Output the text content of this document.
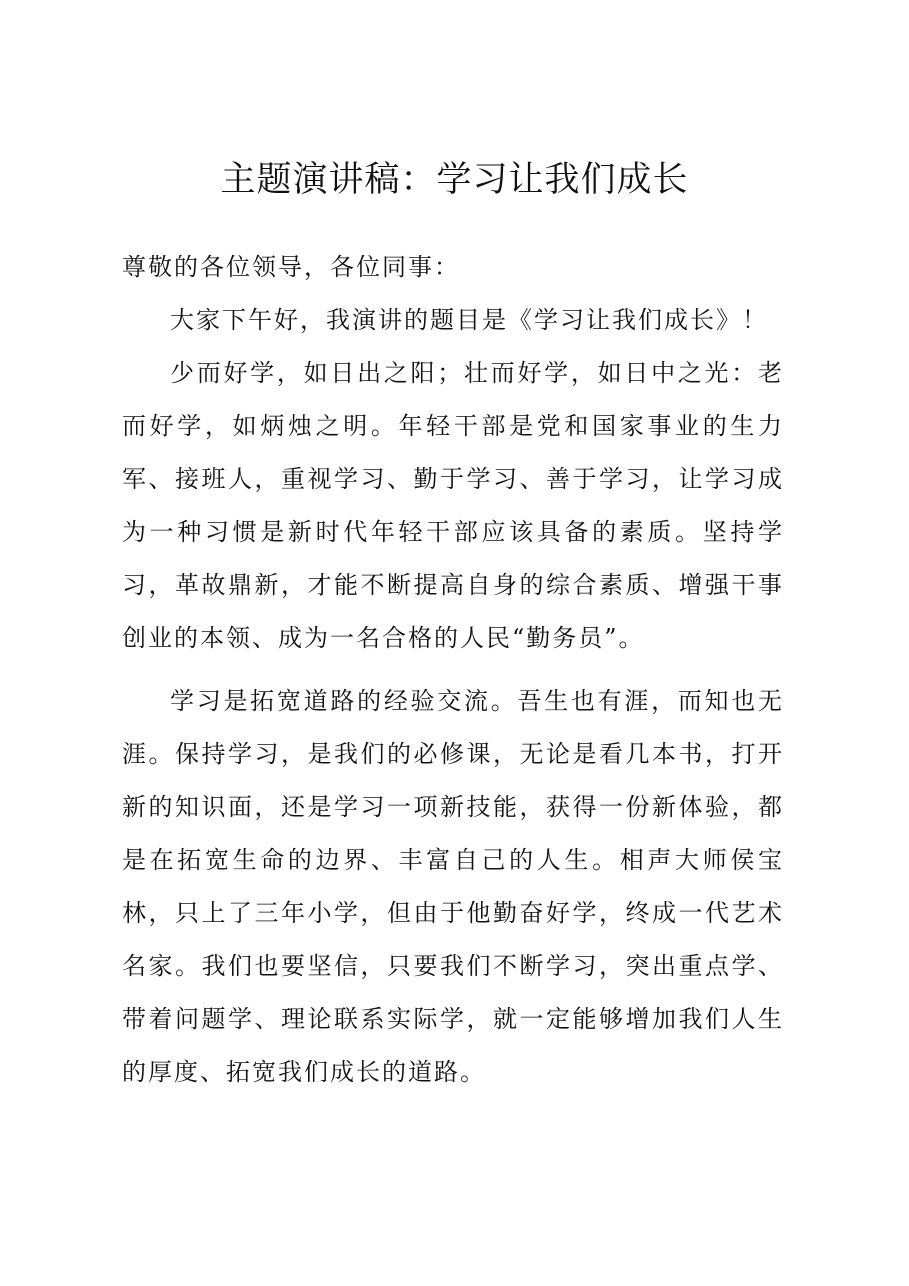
主题演讲稿：学习让我们成长

尊敬的各位领导，各位同事：

大家下午好，我演讲的题目是《学习让我们成长》！

少而好学，如日出之阳；壮而好学，如日中之光：老而好学，如炳烛之明。年轻干部是党和国家事业的生力军、接班人，重视学习、勤于学习、善于学习，让学习成为一种习惯是新时代年轻干部应该具备的素质。坚持学习，革故鼎新，才能不断提高自身的综合素质、增强干事创业的本领、成为一名合格的人民“勤务员”。

学习是拓宽道路的经验交流。吾生也有涯，而知也无涯。保持学习，是我们的必修课，无论是看几本书，打开新的知识面，还是学习一项新技能，获得一份新体验，都是在拓宽生命的边界、丰富自己的人生。相声大师侯宝林，只上了三年小学，但由于他勤奋好学，终成一代艺术名家。我们也要坚信，只要我们不断学习，突出重点学、带着问题学、理论联系实际学，就一定能够增加我们人生的厚度、拓宽我们成长的道路。
